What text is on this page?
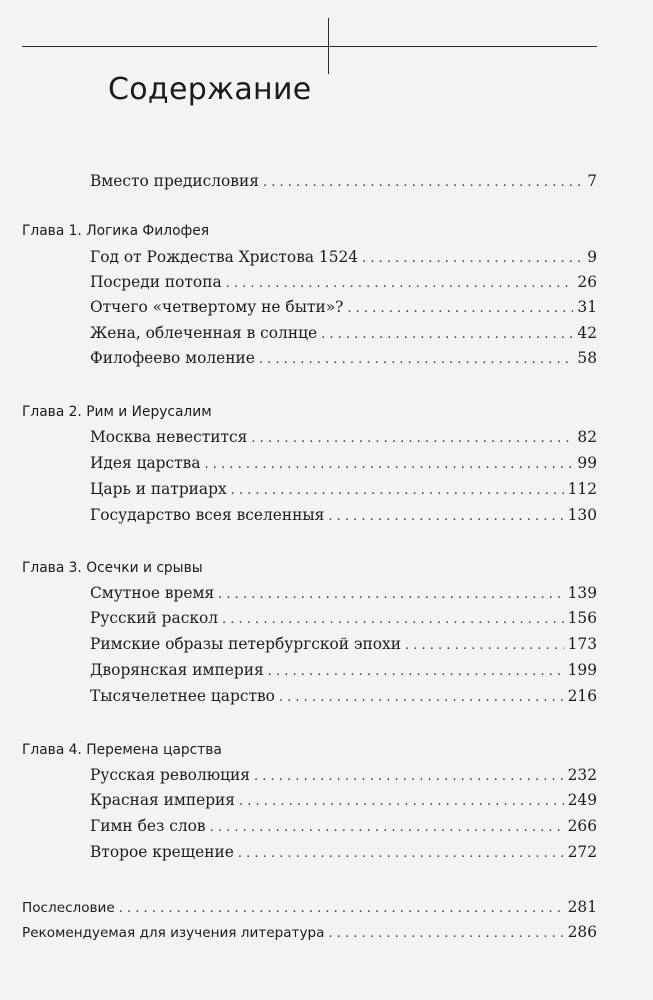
Содержание
Вместо предисловия . . .	7
Глава 1. Логика Филофея
Год от Рождества Христова 1524 . . .	9
Посреди потопа . . .	26
Отчего «четвертому не быти»? . . .	31
Жена, облеченная в солнце . . .	42
Филофеево моление . . .	58
Глава 2. Рим и Иерусалим
Москва невестится . . .	82
Идея царства . . .	99
Царь и патриарх . . .	112
Государство всея вселенныя . . .	130
Глава 3. Осечки и срывы
Смутное время . . .	139
Русский раскол . . .	156
Римские образы петербургской эпохи . . .	173
Дворянская империя . . .	199
Тысячелетнее царство . . .	216
Глава 4. Перемена царства
Русская революция . . .	232
Красная империя . . .	249
Гимн без слов . . .	266
Второе крещение . . .	272
Послесловие . . .	281
Рекомендуемая для изучения литература . . .	286
